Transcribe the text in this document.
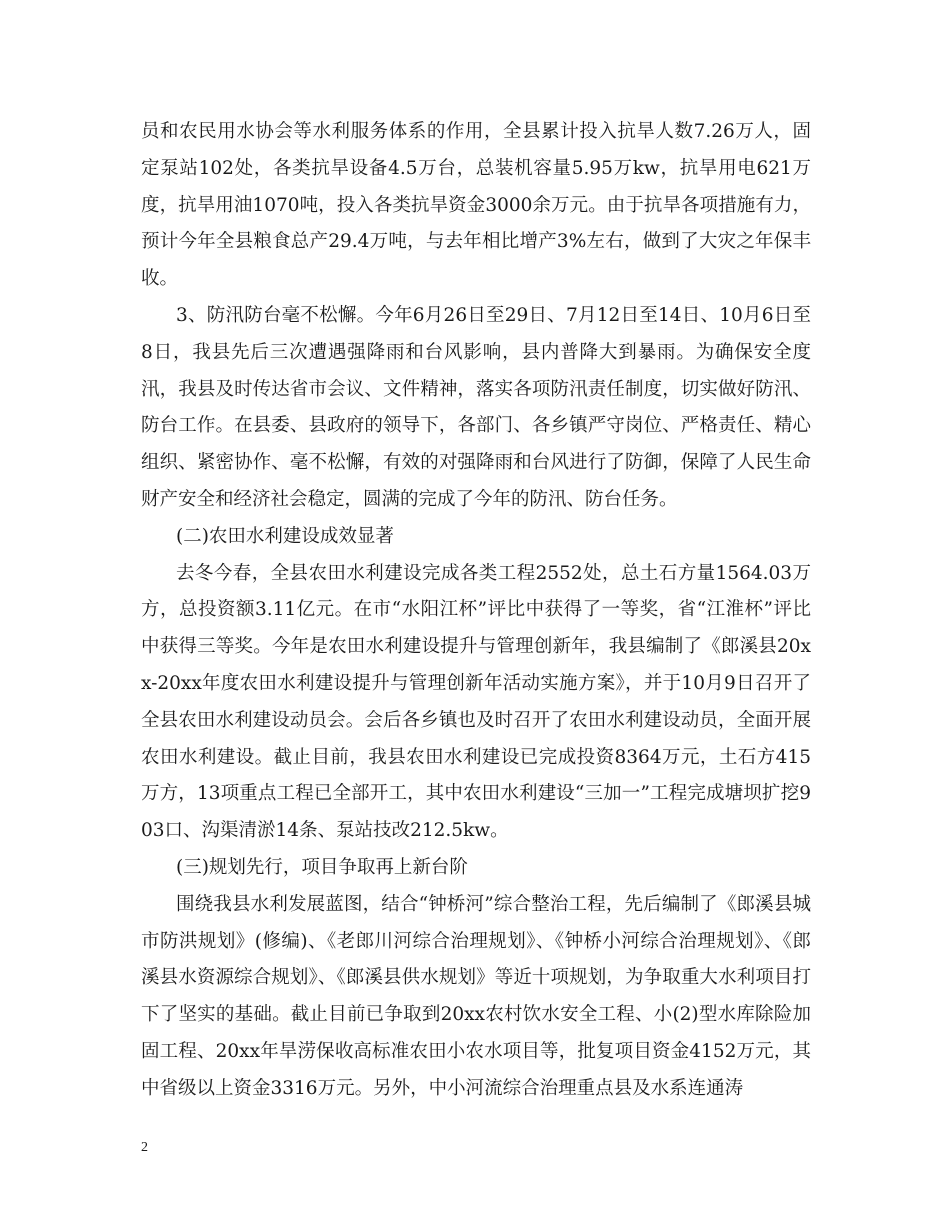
员和农民用水协会等水利服务体系的作用，全县累计投入抗旱人数7.26万人，固定泵站102处，各类抗旱设备4.5万台，总装机容量5.95万kw，抗旱用电621万度，抗旱用油1070吨，投入各类抗旱资金3000余万元。由于抗旱各项措施有力，预计今年全县粮食总产29.4万吨，与去年相比增产3%左右，做到了大灾之年保丰收。

3、防汛防台毫不松懈。今年6月26日至29日、7月12日至14日、10月6日至8日，我县先后三次遭遇强降雨和台风影响，县内普降大到暴雨。为确保安全度汛，我县及时传达省市会议、文件精神，落实各项防汛责任制度，切实做好防汛、防台工作。在县委、县政府的领导下，各部门、各乡镇严守岗位、严格责任、精心组织、紧密协作、毫不松懈，有效的对强降雨和台风进行了防御，保障了人民生命财产安全和经济社会稳定，圆满的完成了今年的防汛、防台任务。

(二)农田水利建设成效显著

去冬今春，全县农田水利建设完成各类工程2552处，总土石方量1564.03万方，总投资额3.11亿元。在市“水阳江杯”评比中获得了一等奖，省“江淮杯”评比中获得三等奖。今年是农田水利建设提升与管理创新年，我县编制了《郎溪县20xx-20xx年度农田水利建设提升与管理创新年活动实施方案》，并于10月9日召开了全县农田水利建设动员会。会后各乡镇也及时召开了农田水利建设动员，全面开展农田水利建设。截止目前，我县农田水利建设已完成投资8364万元，土石方415万方，13项重点工程已全部开工，其中农田水利建设“三加一”工程完成塘坝扩挖903口、沟渠清淤14条、泵站技改212.5kw。

(三)规划先行，项目争取再上新台阶

围绕我县水利发展蓝图，结合“钟桥河”综合整治工程，先后编制了《郎溪县城市防洪规划》(修编)、《老郎川河综合治理规划》、《钟桥小河综合治理规划》、《郎溪县水资源综合规划》、《郎溪县供水规划》等近十项规划，为争取重大水利项目打下了坚实的基础。截止目前已争取到20xx农村饮水安全工程、小(2)型水库除险加固工程、20xx年旱涝保收高标准农田小农水项目等，批复项目资金4152万元，其中省级以上资金3316万元。另外，中小河流综合治理重点县及水系连通涛

2
